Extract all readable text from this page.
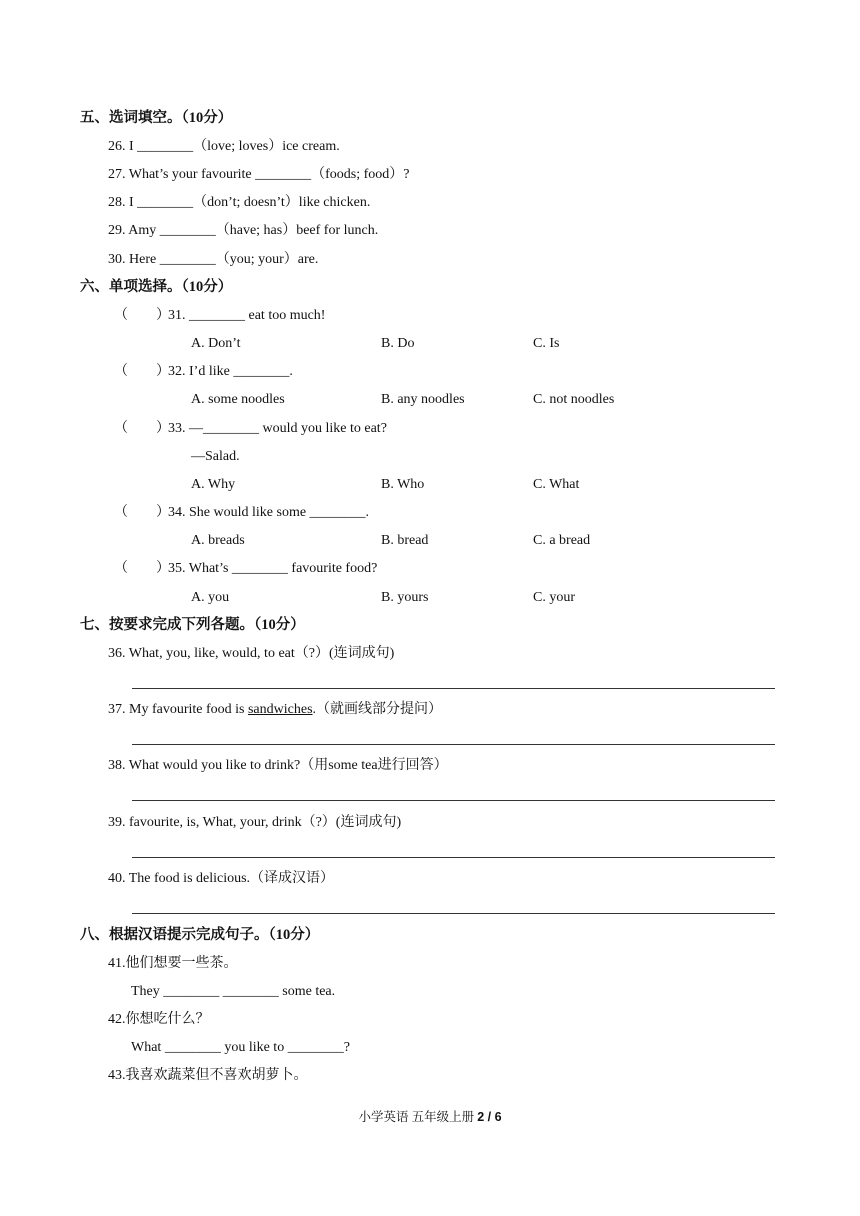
五、选词填空。（10分）
26. I ________（love; loves）ice cream.
27. What’s your favourite ________（foods; food）?
28. I ________（don’t; doesn’t）like chicken.
29. Amy ________（have; has）beef for lunch.
30. Here ________（you; your）are.
六、单项选择。（10分）
（　　）
31. ________ eat too much!
A. Don’t	B. Do	C. Is
（　　）
32. I’d like ________.
A. some noodles	B. any noodles	C. not noodles
（　　）
33. —________ would you like to eat?
—Salad.
A. Why	B. Who	C. What
（　　）
34. She would like some ________.
A. breads	B. bread	C. a bread
（　　）
35. What’s ________ favourite food?
A. you	B. yours	C. your
七、按要求完成下列各题。（10分）
36. What, you, like, would, to eat（?）(连词成句)
37. My favourite food is sandwiches.（就画线部分提问）
38. What would you like to drink?（用some tea进行回答）
39. favourite, is, What, your, drink（?）(连词成句)
40. The food is delicious.（译成汉语）
八、根据汉语提示完成句子。（10分）
41.他们想要一些茶。
They ________ ________ some tea.
42.你想吃什么？
What ________ you like to ________?
43.我喜欢蔬菜但不喜欢胡萝卜。
小学英语 五年级上册 2 / 6
